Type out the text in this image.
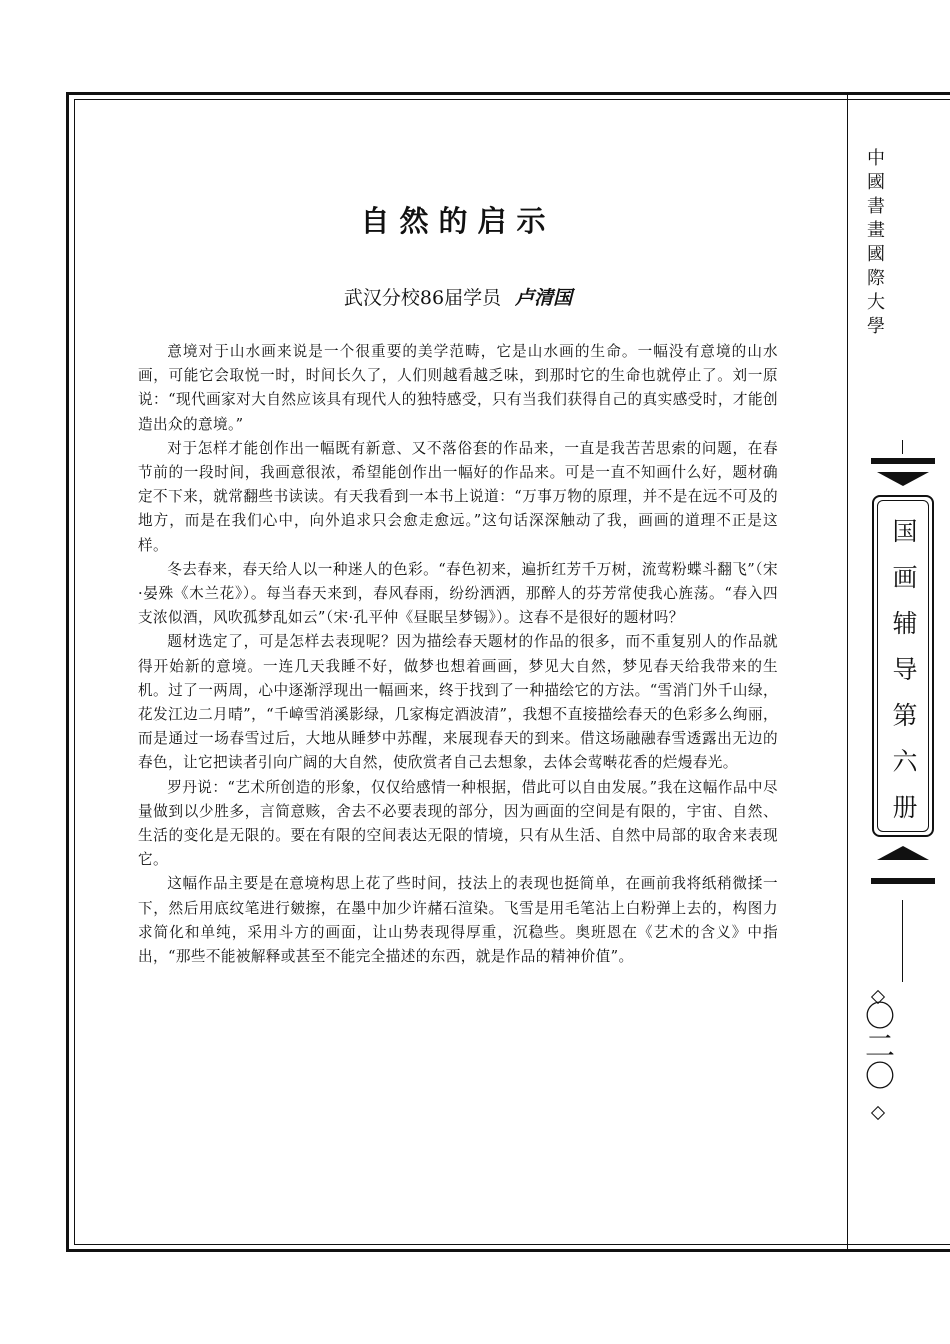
自然的启示
武汉分校86届学员 卢清国

意境对于山水画来说是一个很重要的美学范畴，它是山水画的生命。一幅没有意境的山水画，可能它会取悦一时，时间长久了，人们则越看越乏味，到那时它的生命也就停止了。刘一原说：“现代画家对大自然应该具有现代人的独特感受，只有当我们获得自己的真实感受时，才能创造出众的意境。”

对于怎样才能创作出一幅既有新意、又不落俗套的作品来，一直是我苦苦思索的问题，在春节前的一段时间，我画意很浓，希望能创作出一幅好的作品来。可是一直不知画什么好，题材确定不下来，就常翻些书读读。有天我看到一本书上说道：“万事万物的原理，并不是在远不可及的地方，而是在我们心中，向外追求只会愈走愈远。”这句话深深触动了我，画画的道理不正是这样。

冬去春来，春天给人以一种迷人的色彩。“春色初来，遍折红芳千万树，流莺粉蝶斗翻飞”（宋·晏殊《木兰花》）。每当春天来到，春风春雨，纷纷洒洒，那醉人的芬芳常使我心旌荡。“春入四支浓似酒，风吹孤梦乱如云”（宋·孔平仲《昼眠呈梦锡》）。这春不是很好的题材吗？

题材选定了，可是怎样去表现呢？因为描绘春天题材的作品的很多，而不重复别人的作品就得开始新的意境。一连几天我睡不好，做梦也想着画画，梦见大自然，梦见春天给我带来的生机。过了一两周，心中逐渐浮现出一幅画来，终于找到了一种描绘它的方法。“雪消门外千山绿，花发江边二月晴”，“千嶂雪消溪影绿，几家梅定酒波清”，我想不直接描绘春天的色彩多么绚丽，而是通过一场春雪过后，大地从睡梦中苏醒，来展现春天的到来。借这场融融春雪透露出无边的春色，让它把读者引向广阔的大自然，使欣赏者自己去想象，去体会莺啭花香的烂熳春光。

罗丹说：“艺术所创造的形象，仅仅给感情一种根据，借此可以自由发展。”我在这幅作品中尽量做到以少胜多，言简意赅，舍去不必要表现的部分，因为画面的空间是有限的，宇宙、自然、生活的变化是无限的。要在有限的空间表达无限的情境，只有从生活、自然中局部的取舍来表现它。

这幅作品主要是在意境构思上花了些时间，技法上的表现也挺简单，在画前我将纸稍微揉一下，然后用底纹笔进行皴擦，在墨中加少许赭石渲染。飞雪是用毛笔沾上白粉弹上去的，构图力求简化和单纯，采用斗方的画面，让山势表现得厚重，沉稳些。奥班恩在《艺术的含义》中指出，“那些不能被解释或甚至不能完全描述的东西，就是作品的精神价值”。

中國書畫國際大學
国画辅导第六册
〇二〇
